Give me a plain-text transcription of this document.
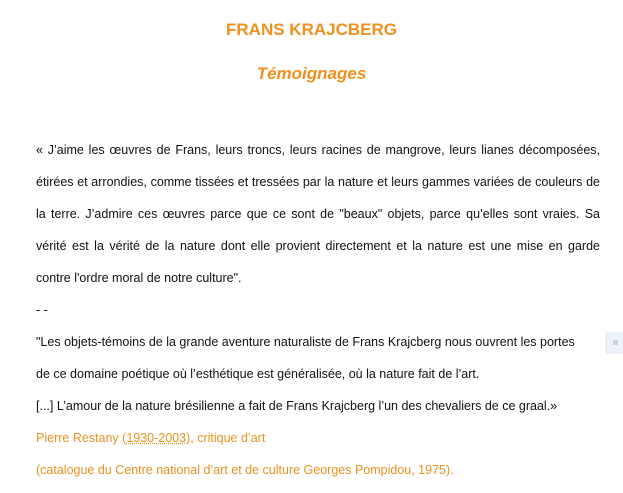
FRANS KRAJCBERG
Témoignages

« J’aime les œuvres de Frans, leurs troncs, leurs racines de mangrove, leurs lianes décomposées, étirées et arrondies, comme tissées et tressées par la nature et leurs gammes variées de couleurs de la terre. J’admire ces œuvres parce que ce sont de "beaux" objets, parce qu’elles sont vraies. Sa vérité est la vérité de la nature dont elle provient directement et la nature est une mise en garde contre l'ordre moral de notre culture".

- -

"Les objets-témoins de la grande aventure naturaliste de Frans Krajcberg nous ouvrent les portes

de ce domaine poétique où l’esthétique est généralisée, où la nature fait de l’art.

[...] L’amour de la nature brésilienne a fait de Frans Krajcberg l’un des chevaliers de ce graal.»

Pierre Restany (1930-2003), critique d’art

(catalogue du Centre national d’art et de culture Georges Pompidou, 1975).
